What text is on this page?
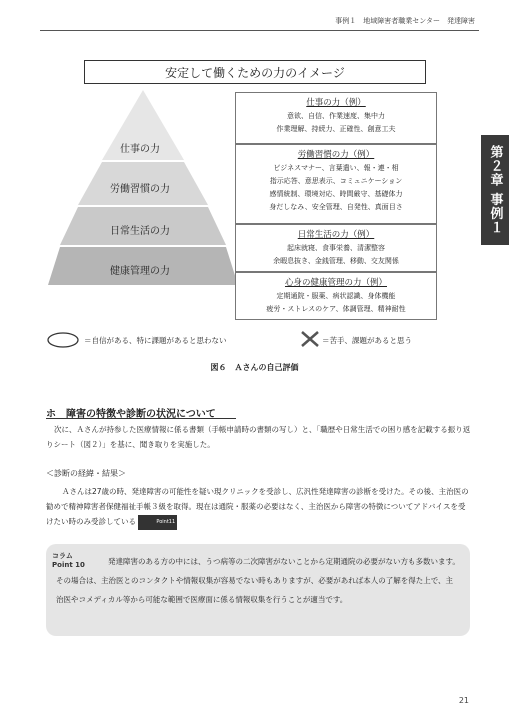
事例１　地域障害者職業センター　発達障害
第２章 事例１
安定して働くための力のイメージ
仕事の力
労働習慣の力
日常生活の力
健康管理の力
仕事の力（例）
意欲、自信、作業速度、集中力
作業理解、持続力、正確性、創意工夫
労働習慣の力（例）
ビジネスマナー、言葉遣い、報・連・相
指示応答、意思表示、コミュニケーション
感情統制、環境対応、時間厳守、基礎体力
身だしなみ、安全管理、自発性、真面目さ
日常生活の力（例）
起床就寝、食事栄養、清潔整容
余暇息抜き、金銭管理、移動、交友関係
心身の健康管理の力（例）
定期通院・服薬、病状認識、身体機能
疲労・ストレスのケア、体調管理、精神耐性
＝自信がある、特に課題があると思わない	＝苦手、課題があると思う
図６　Ａさんの自己評価
ホ　障害の特徴や診断の状況について
次に、Ａさんが持参した医療情報に係る書類（手帳申請時の書類の写し）と、「職歴や日常生活での困り感を記載する振り返りシート（図２）」を基に、聞き取りを実施した。
＜診断の経緯・結果＞
Ａさんは27歳の時、発達障害の可能性を疑い現クリニックを受診し、広汎性発達障害の診断を受けた。その後、主治医の勧めで精神障害者保健福祉手帳３級を取得。現在は通院・服薬の必要はなく、主治医から障害の特徴についてアドバイスを受けたい時のみ受診している	Point11
コラム Point 10	発達障害のある方の中には、うつ病等の二次障害がないことから定期通院の必要がない方も多数います。その場合は、主治医とのコンタクトや情報収集が容易でない時もありますが、必要があれば本人の了解を得た上で、主治医やコメディカル等から可能な範囲で医療面に係る情報収集を行うことが適当です。
21
